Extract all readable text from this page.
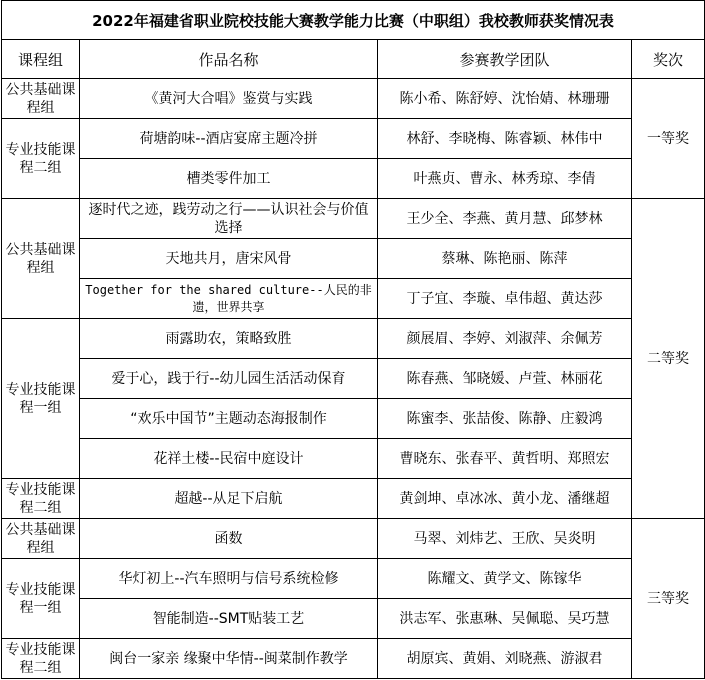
2022年福建省职业院校技能大赛教学能力比赛（中职组）我校教师获奖情况表			
课程组	作品名称	参赛教学团队	奖次
公共基础课程组	《黄河大合唱》鉴赏与实践	陈小希、陈舒婷、沈怡婧、林珊珊	一等奖
专业技能课程二组	荷塘韵味--酒店宴席主题冷拼	林舒、李晓梅、陈睿颖、林伟中	
	槽类零件加工	叶燕贞、曹永、林秀琼、李倩	
公共基础课程组	逐时代之迹，践劳动之行——认识社会与价值选择	王少全、李燕、黄月慧、邱梦林	二等奖
	天地共月，唐宋风骨	蔡琳、陈艳丽、陈萍	
	Together for the shared culture--人民的非遗，世界共享	丁子宜、李璇、卓伟超、黄达莎	
专业技能课程一组	雨露助农，策略致胜	颜展眉、李婷、刘淑萍、余佩芳	
	爱于心，践于行--幼儿园生活活动保育	陈春燕、邹晓媛、卢萱、林丽花	
	“欢乐中国节”主题动态海报制作	陈蜜李、张喆俊、陈静、庄毅鸿	
	花祥土楼--民宿中庭设计	曹晓东、张春平、黄哲明、郑照宏	
专业技能课程二组	超越--从足下启航	黄剑坤、卓冰冰、黄小龙、潘继超	
公共基础课程组	函数	马翠、刘炜艺、王欣、吴炎明	三等奖
专业技能课程一组	华灯初上--汽车照明与信号系统检修	陈耀文、黄学文、陈镓华	
	智能制造--SMT贴装工艺	洪志军、张惠琳、吴佩聪、吴巧慧	
专业技能课程二组	闽台一家亲 缘聚中华情--闽菜制作教学	胡原宾、黄娟、刘晓燕、游淑君	
